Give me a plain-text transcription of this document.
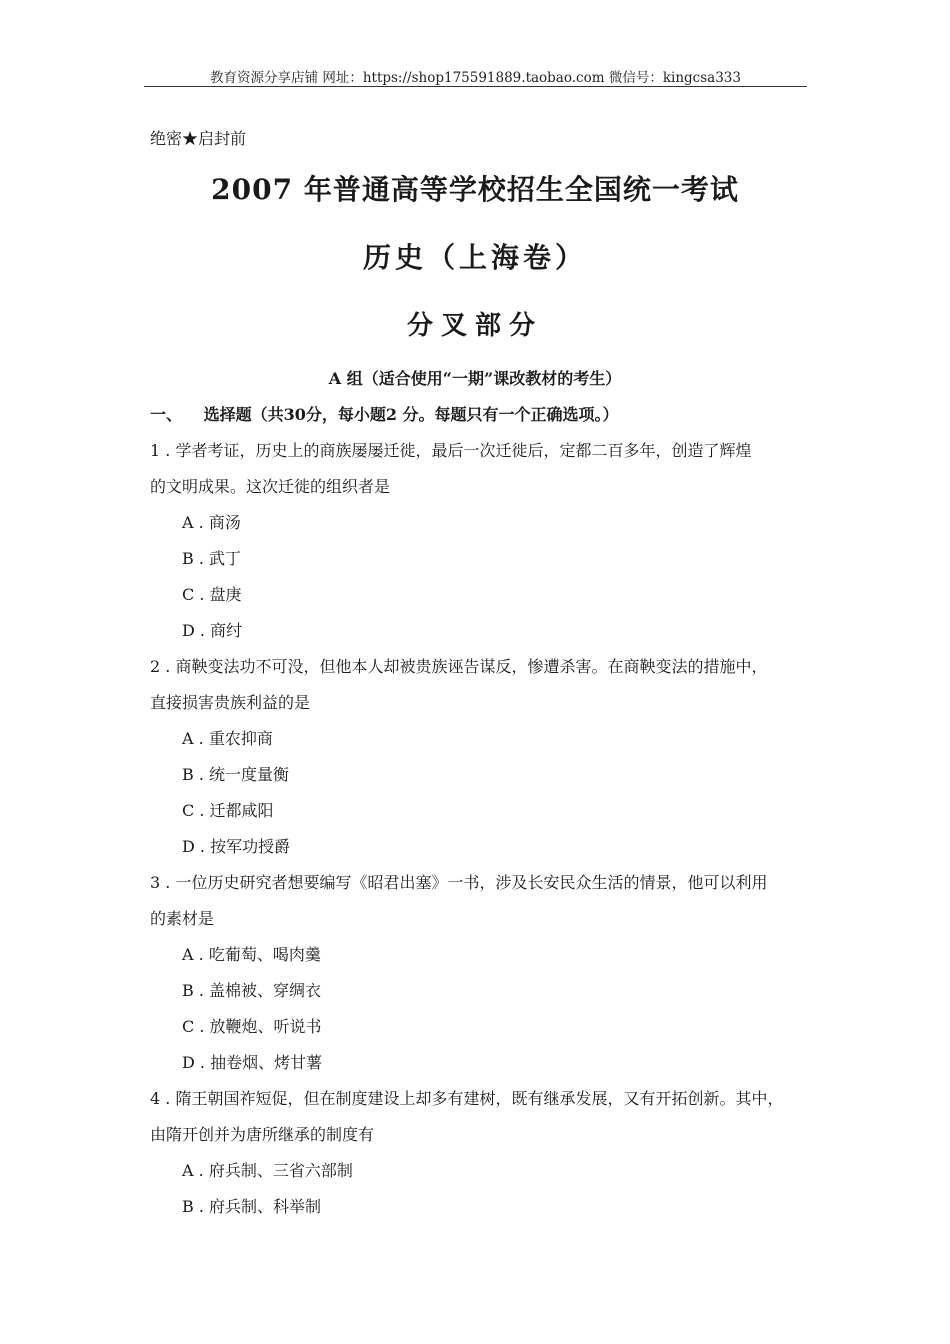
教育资源分享店铺 网址：https://shop175591889.taobao.com 微信号：kingcsa333
绝密★启封前
2007 年普通高等学校招生全国统一考试
历史（上海卷）
分叉部分
A 组（适合使用“一期”课改教材的考生）
一、 选择题（共30分，每小题2 分。每题只有一个正确选项。）
1 . 学者考证，历史上的商族屡屡迁徙，最后一次迁徙后，定都二百多年，创造了辉煌
的文明成果。这次迁徙的组织者是
A . 商汤
B . 武丁
C . 盘庚
D . 商纣
2 . 商鞅变法功不可没，但他本人却被贵族诬告谋反，惨遭杀害。在商鞅变法的措施中，
直接损害贵族利益的是
A . 重农抑商
B . 统一度量衡
C . 迁都咸阳
D . 按军功授爵
3 . 一位历史研究者想要编写《昭君出塞》一书，涉及长安民众生活的情景，他可以利用
的素材是
A . 吃葡萄、喝肉羹
B . 盖棉被、穿绸衣
C . 放鞭炮、听说书
D . 抽卷烟、烤甘薯
4 . 隋王朝国祚短促，但在制度建设上却多有建树，既有继承发展，又有开拓创新。其中，
由隋开创并为唐所继承的制度有
A . 府兵制、三省六部制
B . 府兵制、科举制
